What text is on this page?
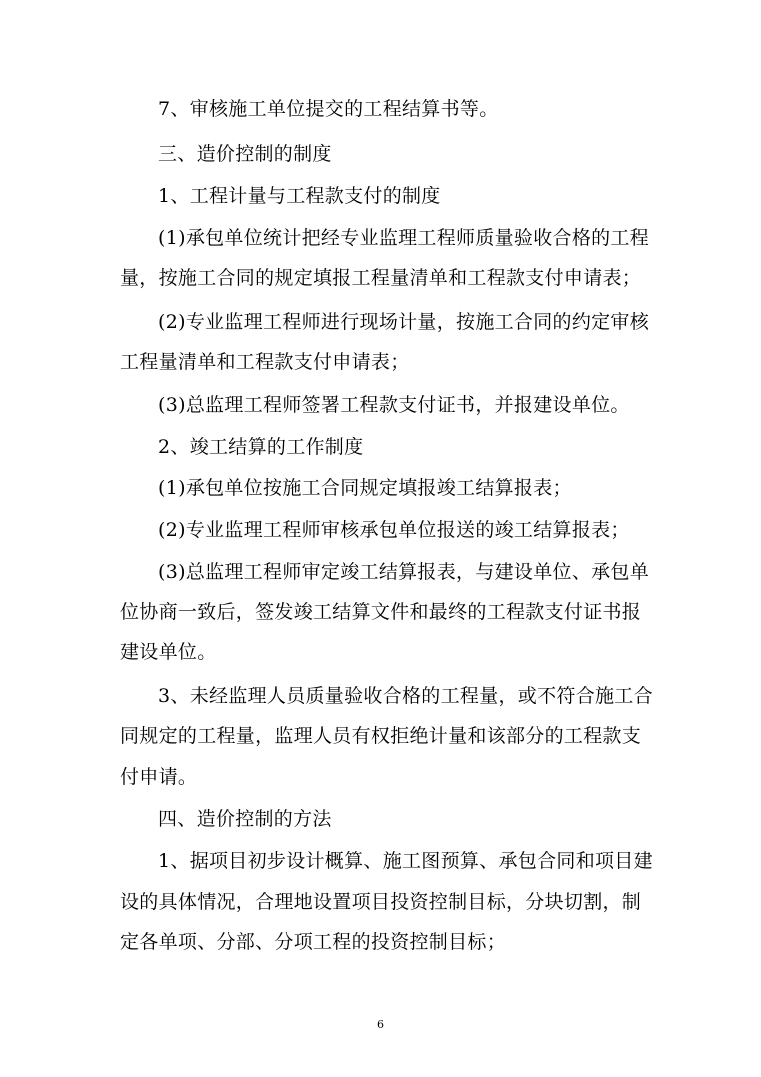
7、审核施工单位提交的工程结算书等。
三、造价控制的制度
1、工程计量与工程款支付的制度
(1)承包单位统计把经专业监理工程师质量验收合格的工程
量，按施工合同的规定填报工程量清单和工程款支付申请表；
(2)专业监理工程师进行现场计量，按施工合同的约定审核
工程量清单和工程款支付申请表；
(3)总监理工程师签署工程款支付证书，并报建设单位。
2、竣工结算的工作制度
(1)承包单位按施工合同规定填报竣工结算报表；
(2)专业监理工程师审核承包单位报送的竣工结算报表；
(3)总监理工程师审定竣工结算报表，与建设单位、承包单
位协商一致后，签发竣工结算文件和最终的工程款支付证书报
建设单位。
3、未经监理人员质量验收合格的工程量，或不符合施工合
同规定的工程量，监理人员有权拒绝计量和该部分的工程款支
付申请。
四、造价控制的方法
1、据项目初步设计概算、施工图预算、承包合同和项目建
设的具体情况，合理地设置项目投资控制目标，分块切割，制
定各单项、分部、分项工程的投资控制目标；
6
